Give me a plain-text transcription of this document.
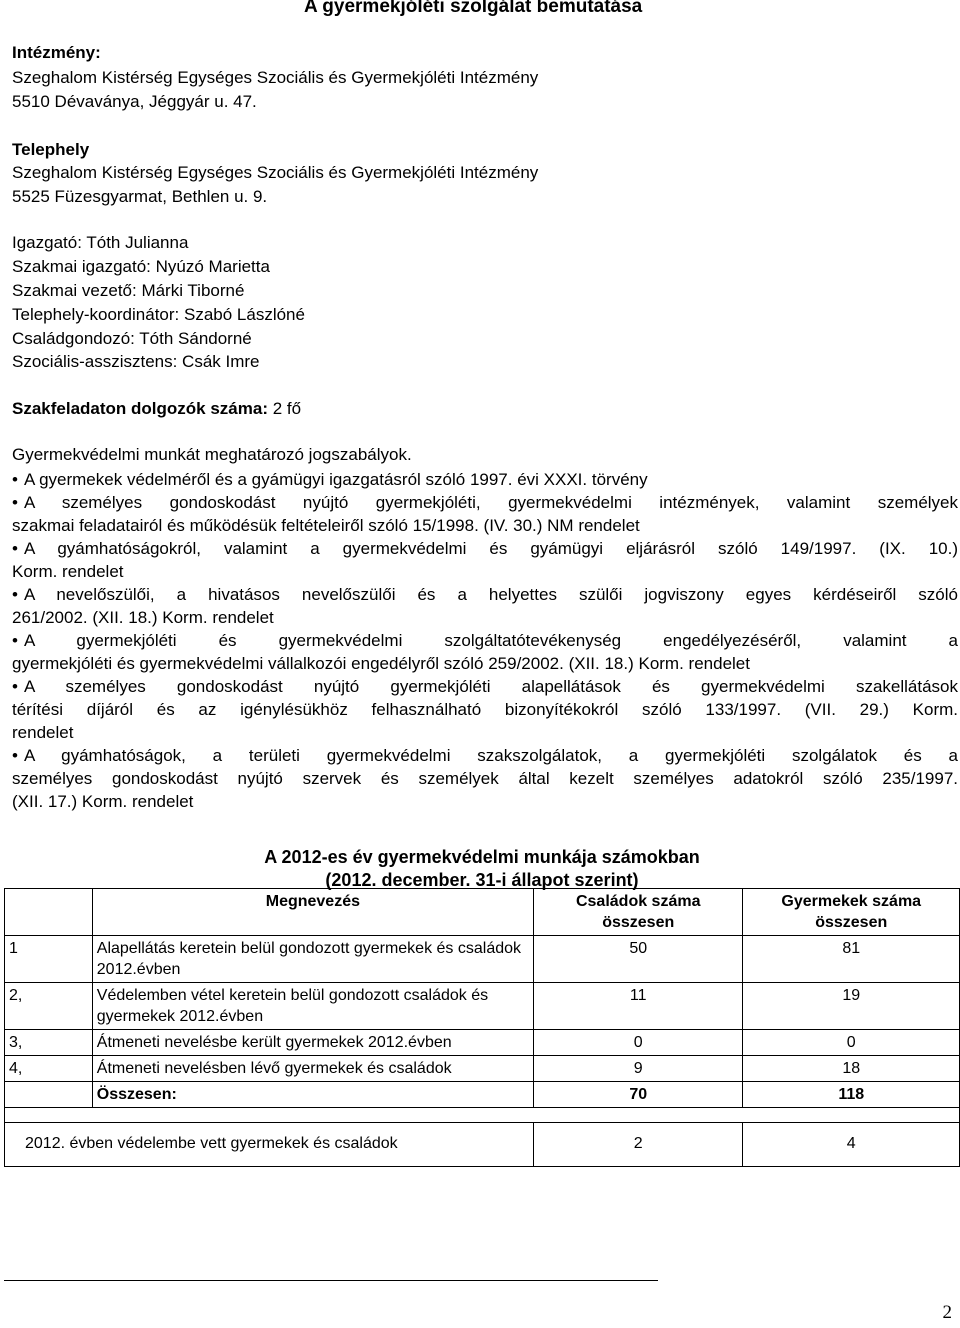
A gyermekjóléti szolgálat bemutatása
Intézmény:
Szeghalom Kistérség Egységes Szociális és Gyermekjóléti Intézmény
5510 Dévaványa, Jéggyár u. 47.
Telephely
Szeghalom Kistérség Egységes Szociális és Gyermekjóléti Intézmény
5525 Füzesgyarmat, Bethlen u. 9.
Igazgató: Tóth Julianna
Szakmai igazgató: Nyúzó Marietta
Szakmai vezető: Márki Tiborné
Telephely-koordinátor: Szabó Lászlóné
Családgondozó: Tóth Sándorné
Szociális-asszisztens: Csák Imre
Szakfeladaton dolgozók száma: 2 fő
Gyermekvédelmi munkát meghatározó jogszabályok.
• A gyermekek védelméről és a gyámügyi igazgatásról szóló 1997. évi XXXI. törvény
• A személyes gondoskodást nyújtó gyermekjóléti, gyermekvédelmi intézmények, valamint személyek
szakmai feladatairól és működésük feltételeiről szóló 15/1998. (IV. 30.) NM rendelet
• A gyámhatóságokról, valamint a gyermekvédelmi és gyámügyi eljárásról szóló 149/1997. (IX. 10.)
Korm. rendelet
• A nevelőszülői, a hivatásos nevelőszülői és a helyettes szülői jogviszony egyes kérdéseiről szóló
261/2002. (XII. 18.) Korm. rendelet
• A gyermekjóléti és gyermekvédelmi szolgáltatótevékenység engedélyezéséről, valamint a
gyermekjóléti és gyermekvédelmi vállalkozói engedélyről szóló 259/2002. (XII. 18.) Korm. rendelet
• A személyes gondoskodást nyújtó gyermekjóléti alapellátások és gyermekvédelmi szakellátások
térítési díjáról és az igénylésükhöz felhasználható bizonyítékokról szóló 133/1997. (VII. 29.) Korm.
rendelet
• A gyámhatóságok, a területi gyermekvédelmi szakszolgálatok, a gyermekjóléti szolgálatok és a
személyes gondoskodást nyújtó szervek és személyek által kezelt személyes adatokról szóló 235/1997.
(XII. 17.) Korm. rendelet
A 2012-es év gyermekvédelmi munkája számokban
(2012. december. 31-i állapot szerint)
	Megnevezés	Családok száma összesen	Gyermekek száma összesen
1	Alapellátás keretein belül gondozott gyermekek és családok 2012.évben	50	81
2,	Védelemben vétel keretein belül gondozott családok és gyermekek 2012.évben	11	19
3,	Átmeneti nevelésbe került gyermekek 2012.évben	0	0
4,	Átmeneti nevelésben lévő gyermekek és családok	9	18
	Összesen:	70	118

2012. évben védelembe vett gyermekek és családok		2	4
2
